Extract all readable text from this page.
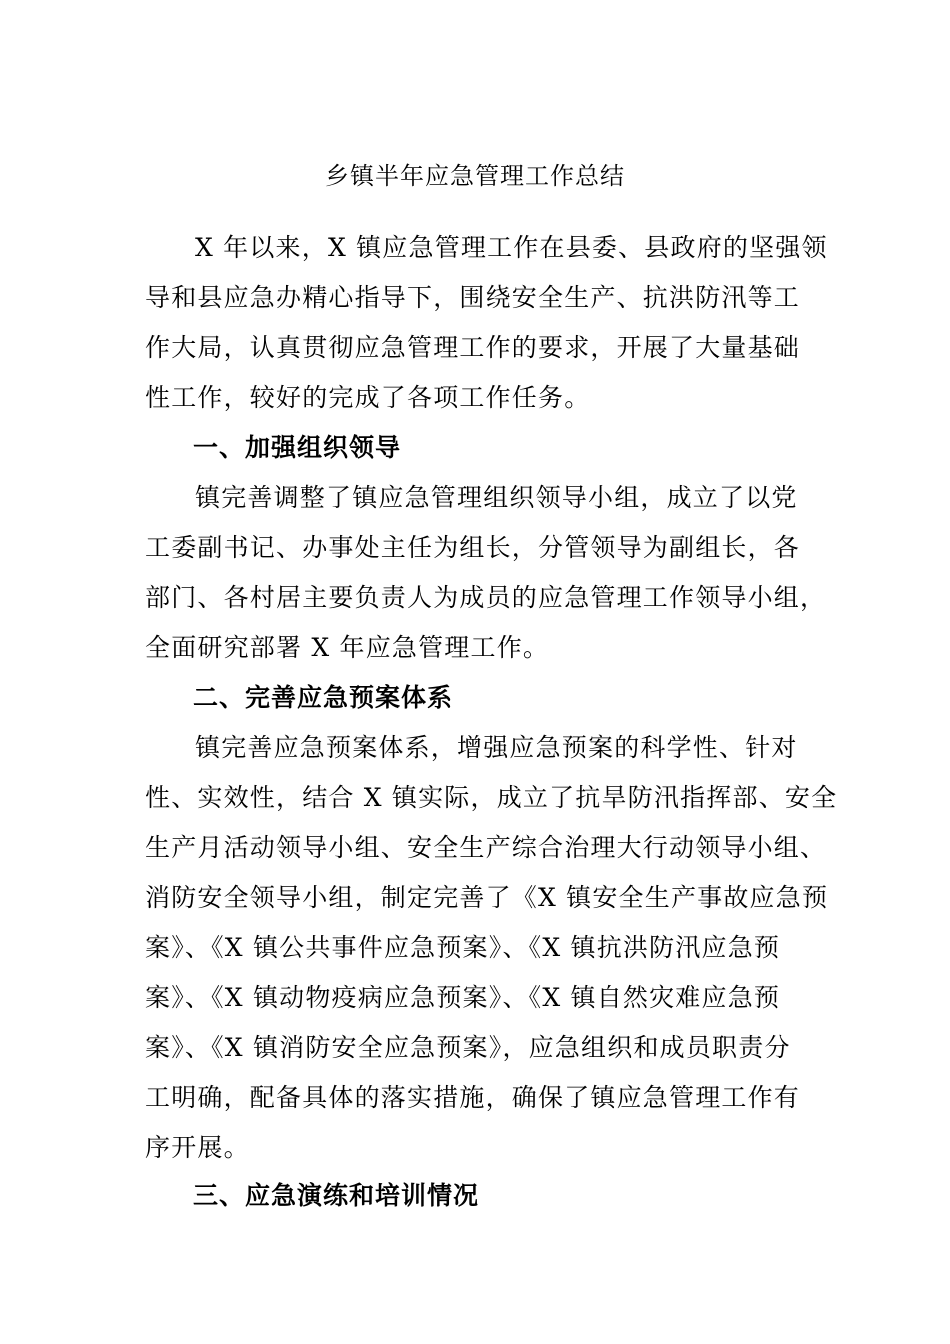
乡镇半年应急管理工作总结
X 年以来，X 镇应急管理工作在县委、县政府的坚强领
导和县应急办精心指导下，围绕安全生产、抗洪防汛等工
作大局，认真贯彻应急管理工作的要求，开展了大量基础
性工作，较好的完成了各项工作任务。
一、加强组织领导
镇完善调整了镇应急管理组织领导小组，成立了以党
工委副书记、办事处主任为组长，分管领导为副组长，各
部门、各村居主要负责人为成员的应急管理工作领导小组，
全面研究部署 X 年应急管理工作。
二、完善应急预案体系
镇完善应急预案体系，增强应急预案的科学性、针对
性、实效性，结合 X 镇实际，成立了抗旱防汛指挥部、安全
生产月活动领导小组、安全生产综合治理大行动领导小组、
消防安全领导小组，制定完善了《X 镇安全生产事故应急预
案》、《X 镇公共事件应急预案》、《X 镇抗洪防汛应急预
案》、《X 镇动物疫病应急预案》、《X 镇自然灾难应急预
案》、《X 镇消防安全应急预案》，应急组织和成员职责分
工明确，配备具体的落实措施，确保了镇应急管理工作有
序开展。
三、应急演练和培训情况
